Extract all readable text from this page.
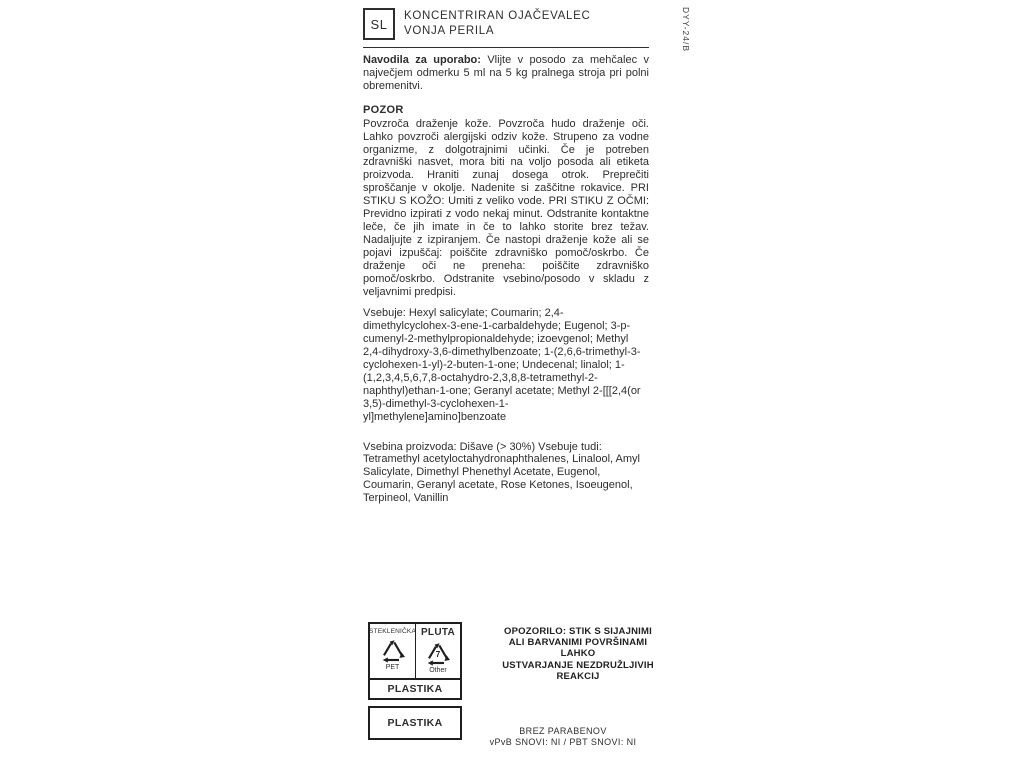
SL
KONCENTRIRAN OJAČEVALEC
VONJA PERILA

Navodila za uporabo: Vlijte v posodo za mehčalec v največjem odmerku 5 ml na 5 kg pralnega stroja pri polni obremenitvi.

POZOR

Povzroča draženje kože. Povzroča hudo draženje oči. Lahko povzroči alergijski odziv kože. Strupeno za vodne organizme, z dolgotrajnimi učinki. Če je potreben zdravniški nasvet, mora biti na voljo posoda ali etiketa proizvoda. Hraniti zunaj dosega otrok. Preprečiti sproščanje v okolje. Nadenite si zaščitne rokavice. PRI STIKU S KOŽO: Umiti z veliko vode. PRI STIKU Z OČMI: Previdno izpirati z vodo nekaj minut. Odstranite kontaktne leče, če jih imate in če to lahko storite brez težav. Nadaljujte z izpiranjem. Če nastopi draženje kože ali se pojavi izpuščaj: poiščite zdravniško pomoč/oskrbo. Če draženje oči ne preneha: poiščite zdravniško pomoč/oskrbo. Odstranite vsebino/posodo v skladu z veljavnimi predpisi.

Vsebuje: Hexyl salicylate; Coumarin; 2,4-dimethylcyclohex-3-ene-1-carbaldehyde; Eugenol; 3-p-cumenyl-2-methylpropionaldehyde; izoevgenol; Methyl 2,4-dihydroxy-3,6-dimethylbenzoate; 1-(2,6,6-trimethyl-3-cyclohexen-1-yl)-2-buten-1-one; Undecenal; linalol; 1-(1,2,3,4,5,6,7,8-octahydro-2,3,8,8-tetramethyl-2-naphthyl)ethan-1-one; Geranyl acetate; Methyl 2-[[[2,4(or 3,5)-dimethyl-3-cyclohexen-1-yl]methylene]amino]benzoate

Vsebina proizvoda: Dišave (> 30%) Vsebuje tudi: Tetramethyl acetyloctahydronaphthalenes, Linalool, Amyl Salicylate, Dimethyl Phenethyl Acetate, Eugenol, Coumarin, Geranyl acetate, Rose Ketones, Isoeugenol, Terpineol, Vanillin

DYY-24/B
STEKLENIČKA
PET
PLUTA
7
Other
PLASTIKA
PLASTIKA
OPOZORILO: STIK S SIJAJNIMI
ALI BARVANIMI POVRŠINAMI
LAHKO
USTVARJANJE NEZDRUŽLJIVIH
REAKCIJ
BREZ PARABENOV
vPvB SNOVI: NI / PBT SNOVI: NI
